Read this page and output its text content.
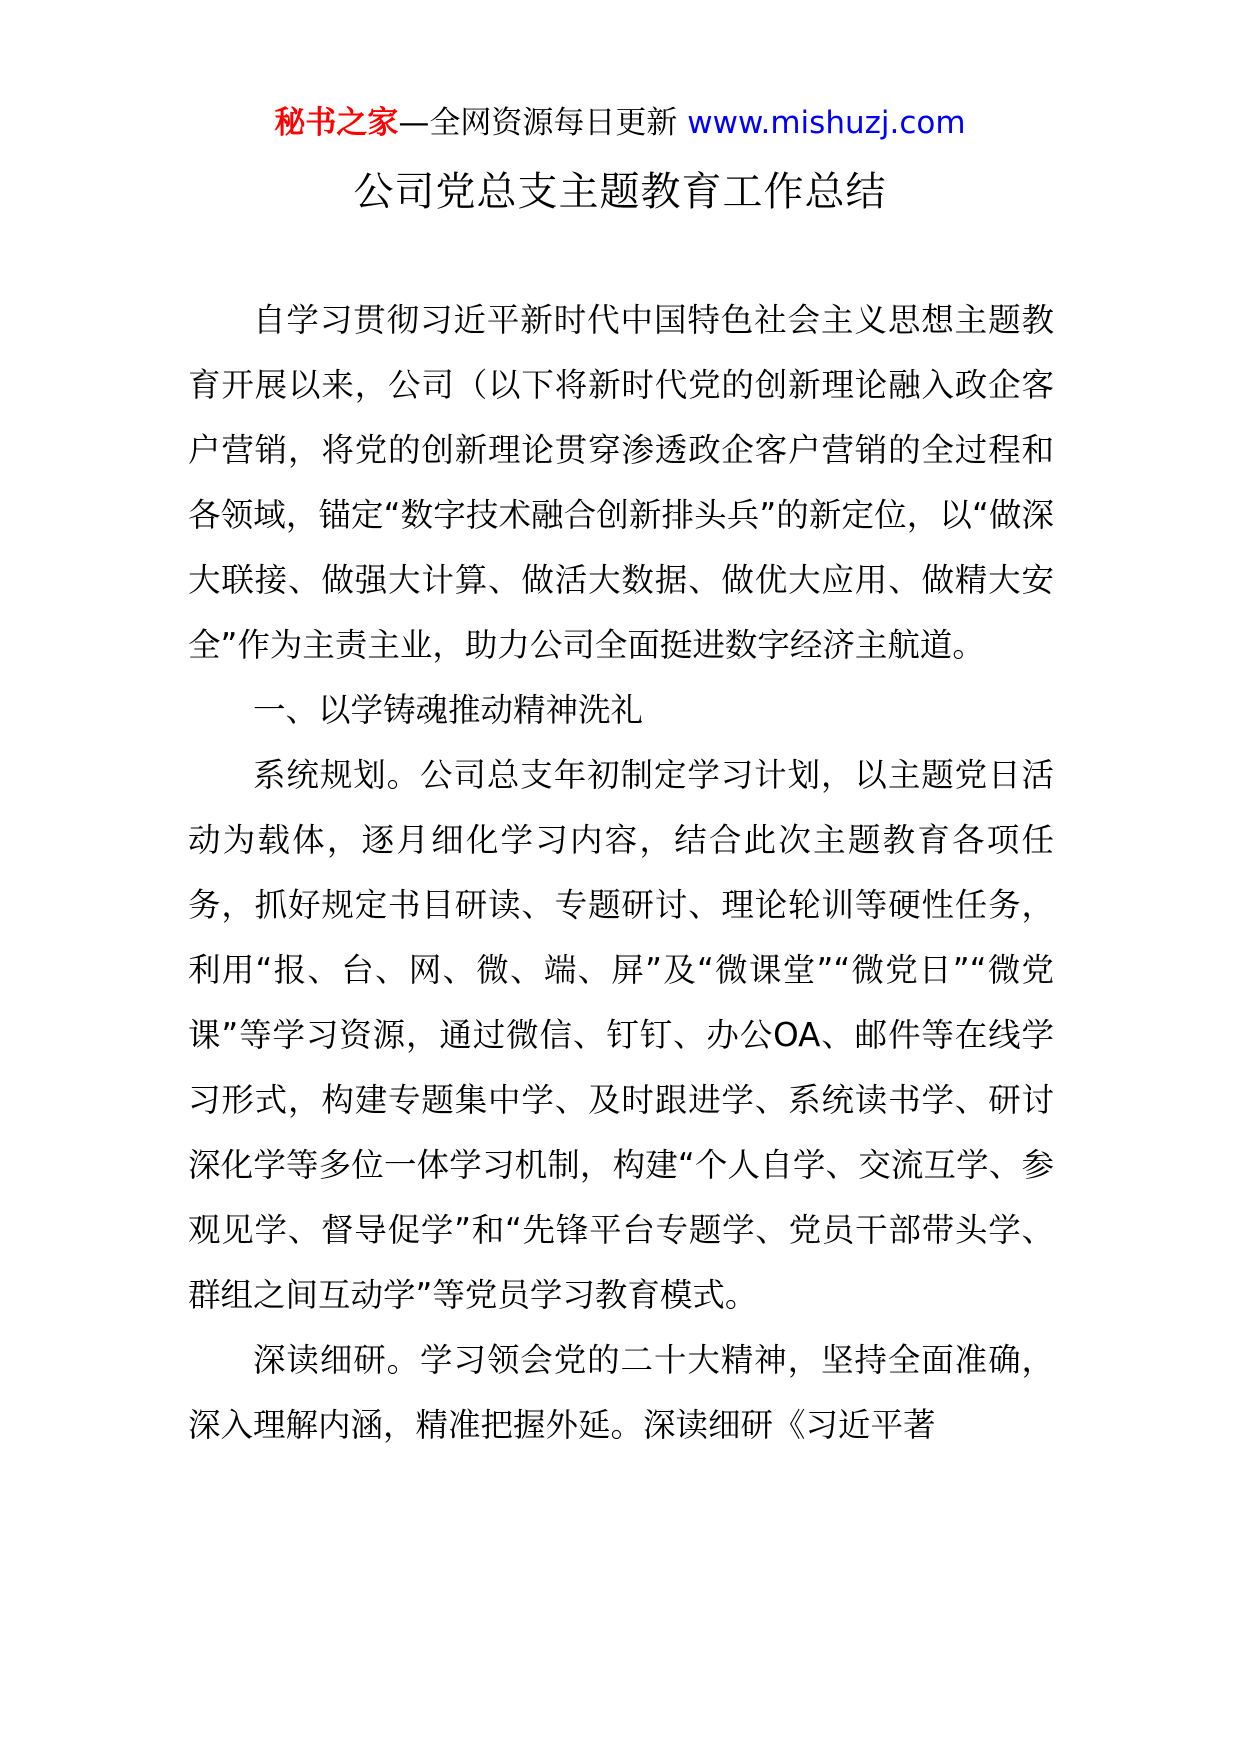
秘书之家—全网资源每日更新 www.mishuzj.com
公司党总支主题教育工作总结

自学习贯彻习近平新时代中国特色社会主义思想主题教育开展以来，公司（以下将新时代党的创新理论融入政企客户营销，将党的创新理论贯穿渗透政企客户营销的全过程和各领域，锚定“数字技术融合创新排头兵”的新定位，以“做深大联接、做强大计算、做活大数据、做优大应用、做精大安全”作为主责主业，助力公司全面挺进数字经济主航道。

一、以学铸魂推动精神洗礼

系统规划。公司总支年初制定学习计划，以主题党日活动为载体，逐月细化学习内容，结合此次主题教育各项任务，抓好规定书目研读、专题研讨、理论轮训等硬性任务，利用“报、台、网、微、端、屏”及“微课堂”“微党日”“微党课”等学习资源，通过微信、钉钉、办公OA、邮件等在线学习形式，构建专题集中学、及时跟进学、系统读书学、研讨深化学等多位一体学习机制，构建“个人自学、交流互学、参观见学、督导促学”和“先锋平台专题学、党员干部带头学、群组之间互动学”等党员学习教育模式。

深读细研。学习领会党的二十大精神，坚持全面准确，深入理解内涵，精准把握外延。深读细研《习近平著
